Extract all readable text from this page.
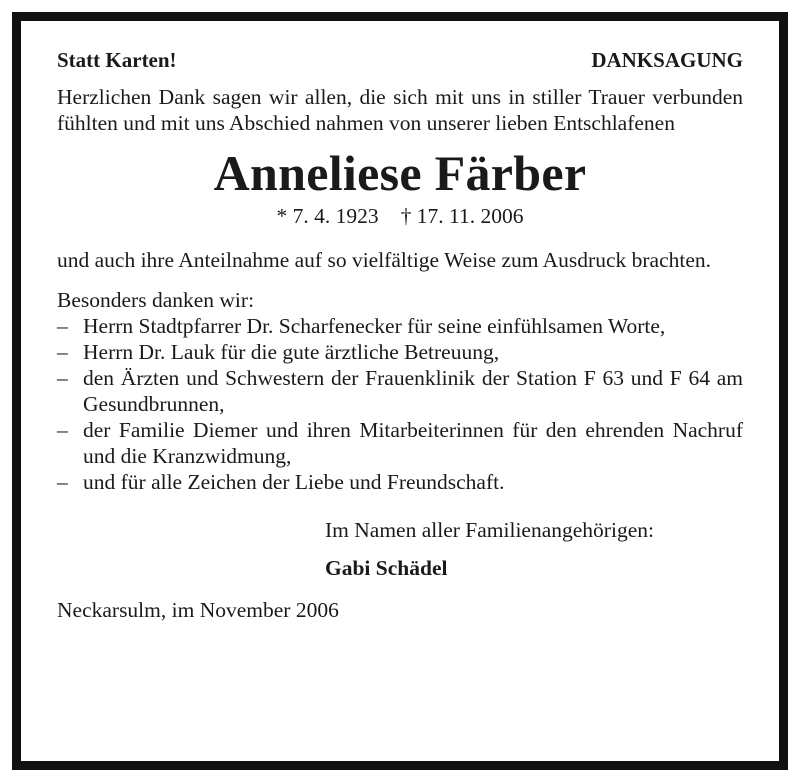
Statt Karten!	DANKSAGUNG
Herzlichen Dank sagen wir allen, die sich mit uns in stiller Trauer verbunden fühlten und mit uns Abschied nahmen von unserer lieben Entschlafenen
Anneliese Färber
* 7. 4. 1923 † 17. 11. 2006
und auch ihre Anteilnahme auf so vielfältige Weise zum Ausdruck brachten.
Besonders danken wir:
– Herrn Stadtpfarrer Dr. Scharfenecker für seine einfühlsamen Worte,
– Herrn Dr. Lauk für die gute ärztliche Betreuung,
– den Ärzten und Schwestern der Frauenklinik der Station F 63 und F 64 am Gesundbrunnen,
– der Familie Diemer und ihren Mitarbeiterinnen für den ehrenden Nachruf und die Kranzwidmung,
– und für alle Zeichen der Liebe und Freundschaft.
Im Namen aller Familienangehörigen:
Gabi Schädel
Neckarsulm, im November 2006
